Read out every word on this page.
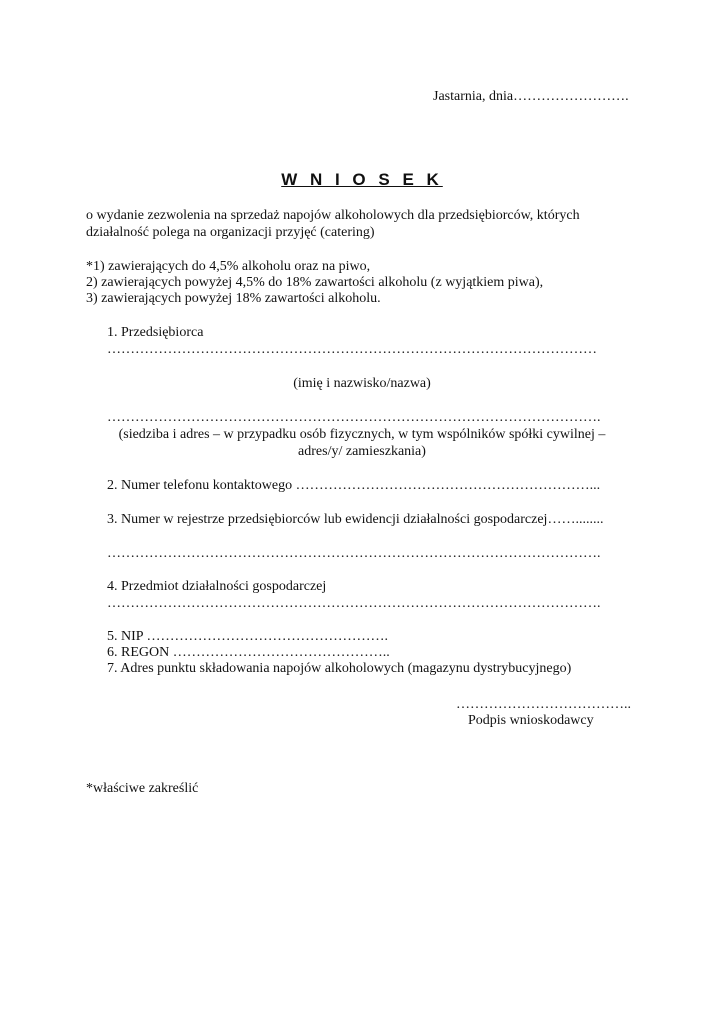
Jastarnia, dnia…………………….
W N I O S E K
o wydanie zezwolenia na sprzedaż napojów alkoholowych dla przedsiębiorców, których
działalność polega na organizacji przyjęć (catering)
*1) zawierających do 4,5% alkoholu oraz na piwo,
2) zawierających powyżej 4,5% do 18% zawartości alkoholu (z wyjątkiem piwa),
3) zawierających powyżej 18% zawartości alkoholu.
1. Przedsiębiorca
……………………………………………………………………………………………
(imię i nazwisko/nazwa)
…………………………………………………………………………………………….
(siedziba i adres – w przypadku osób fizycznych, w tym wspólników spółki cywilnej –
adres/y/ zamieszkania)
2. Numer telefonu kontaktowego ………………………………………………………...
3. Numer w rejestrze przedsiębiorców lub ewidencji działalności gospodarczej……........
…………………………………………………………………………………………….
4. Przedmiot działalności gospodarczej
…………………………………………………………………………………………….
5. NIP …………………………………………….
6. REGON ………………………………………..
7. Adres punktu składowania napojów alkoholowych (magazynu dystrybucyjnego)
………………………………..
Podpis wnioskodawcy
*właściwe zakreślić
